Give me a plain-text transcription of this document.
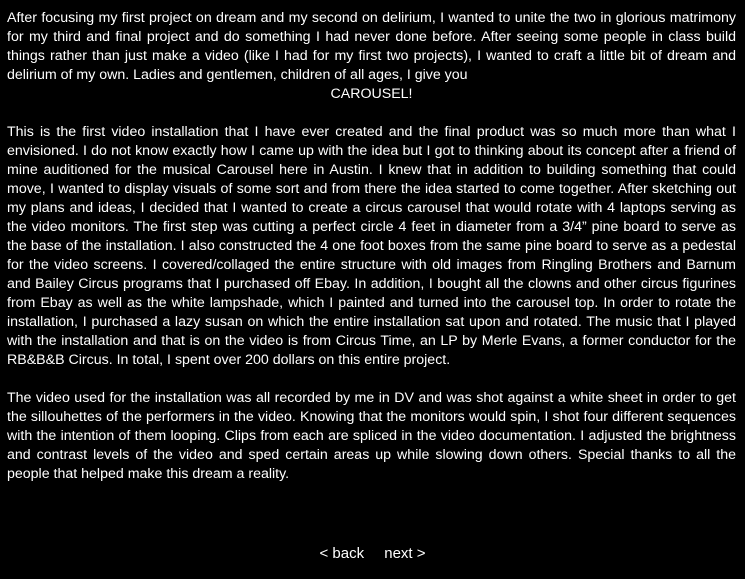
After focusing my first project on dream and my second on delirium, I wanted to unite the two in glorious matrimony for my third and final project and do something I had never done before. After seeing some people in class build things rather than just make a video (like I had for my first two projects), I wanted to craft a little bit of dream and delirium of my own. Ladies and gentlemen, children of all ages, I give you
CAROUSEL!

This is the first video installation that I have ever created and the final product was so much more than what I envisioned. I do not know exactly how I came up with the idea but I got to thinking about its concept after a friend of mine auditioned for the musical Carousel here in Austin. I knew that in addition to building something that could move, I wanted to display visuals of some sort and from there the idea started to come together. After sketching out my plans and ideas, I decided that I wanted to create a circus carousel that would rotate with 4 laptops serving as the video monitors. The first step was cutting a perfect circle 4 feet in diameter from a 3/4” pine board to serve as the base of the installation. I also constructed the 4 one foot boxes from the same pine board to serve as a pedestal for the video screens. I covered/collaged the entire structure with old images from Ringling Brothers and Barnum and Bailey Circus programs that I purchased off Ebay. In addition, I bought all the clowns and other circus figurines from Ebay as well as the white lampshade, which I painted and turned into the carousel top. In order to rotate the installation, I purchased a lazy susan on which the entire installation sat upon and rotated. The music that I played with the installation and that is on the video is from Circus Time, an LP by Merle Evans, a former conductor for the RB&B&B Circus. In total, I spent over 200 dollars on this entire project.

The video used for the installation was all recorded by me in DV and was shot against a white sheet in order to get the sillouhettes of the performers in the video. Knowing that the monitors would spin, I shot four different sequences with the intention of them looping. Clips from each are spliced in the video documentation. I adjusted the brightness and contrast levels of the video and sped certain areas up while slowing down others. Special thanks to all the people that helped make this dream a reality.

< back next >
